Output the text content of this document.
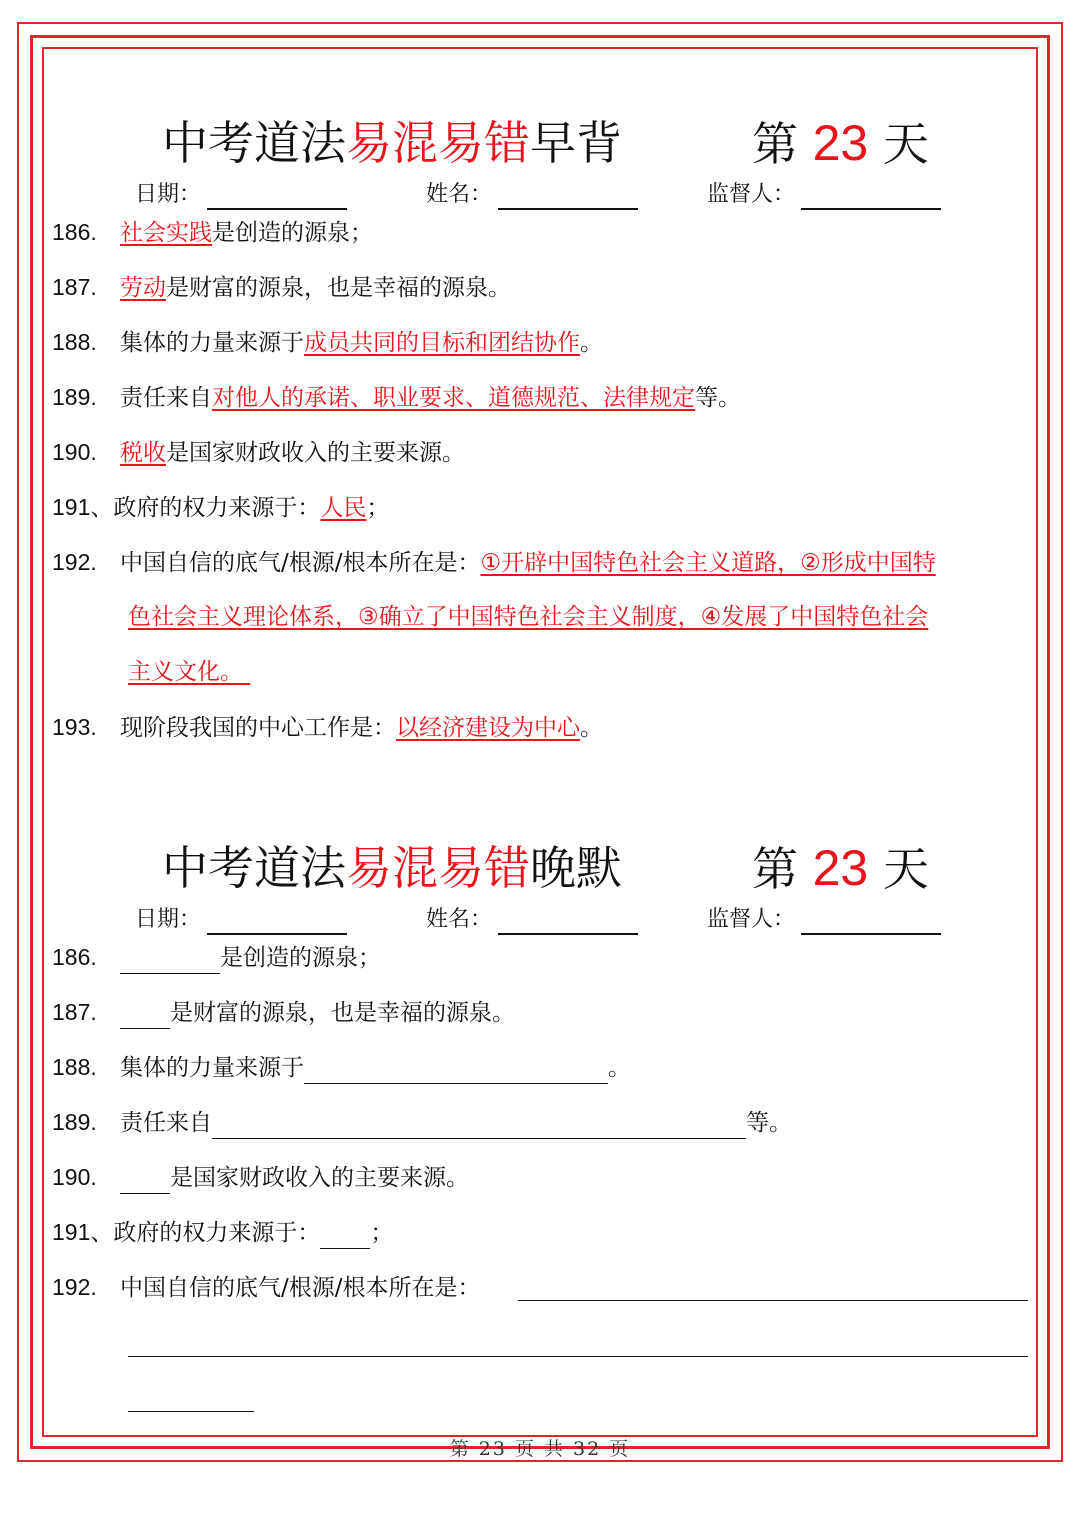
中考道法易混易错早背	第 23 天
日期：	姓名：	监督人：
186. 社会实践是创造的源泉；
187. 劳动是财富的源泉，也是幸福的源泉。
188. 集体的力量来源于成员共同的目标和团结协作。
189. 责任来自对他人的承诺、职业要求、道德规范、法律规定等。
190. 税收是国家财政收入的主要来源。
191、政府的权力来源于：人民；
192. 中国自信的底气/根源/根本所在是：①开辟中国特色社会主义道路，②形成中国特
色社会主义理论体系，③确立了中国特色社会主义制度，④发展了中国特色社会
主义文化。
193. 现阶段我国的中心工作是：以经济建设为中心。
中考道法易混易错晚默	第 23 天
日期：	姓名：	监督人：
186.	是创造的源泉；
187.	是财富的源泉，也是幸福的源泉。
188. 集体的力量来源于	。
189. 责任来自	等。
190.	是国家财政收入的主要来源。
191、政府的权力来源于： ；
192. 中国自信的底气/根源/根本所在是：
第 23 页 共 32 页
